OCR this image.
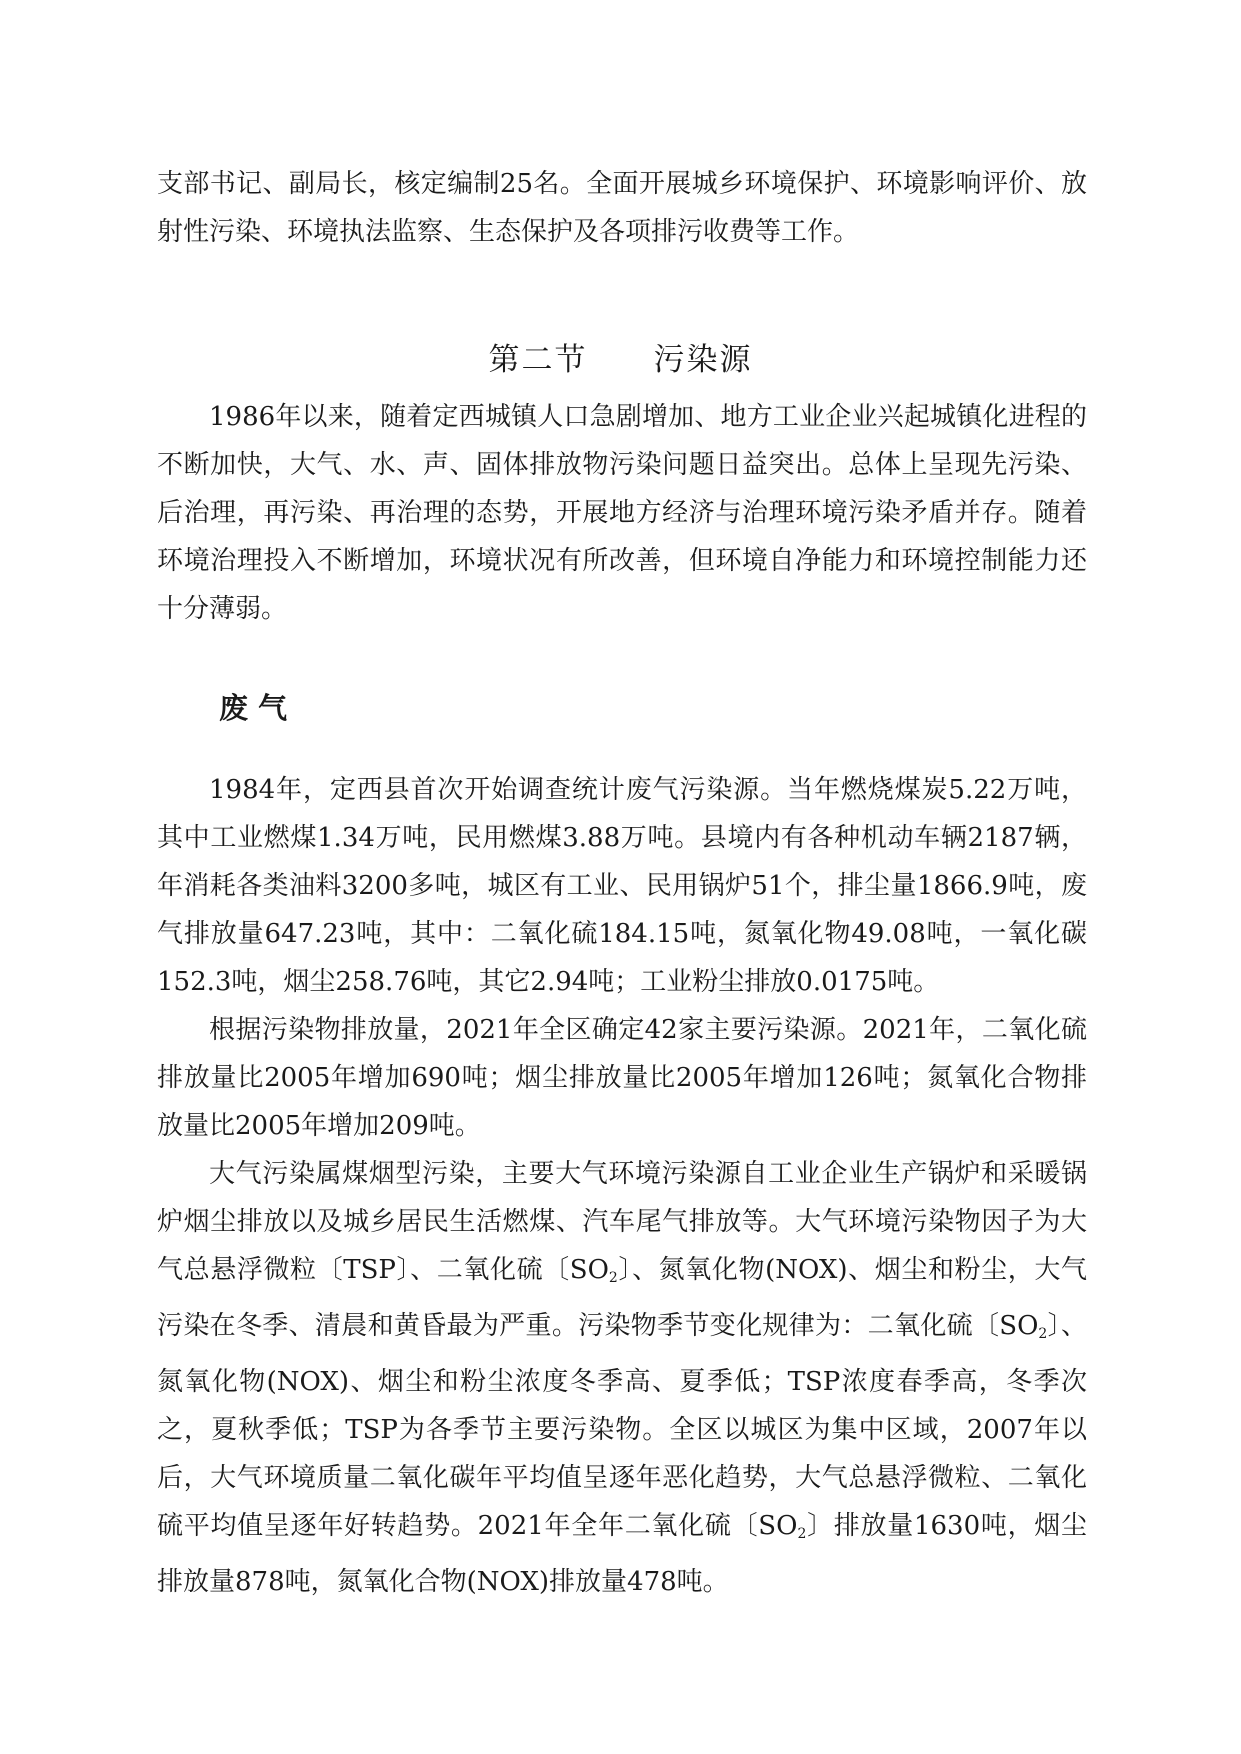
支部书记、副局长，核定编制25名。全面开展城乡环境保护、环境影响评价、放射性污染、环境执法监察、生态保护及各项排污收费等工作。

第二节　　污染源

1986年以来，随着定西城镇人口急剧增加、地方工业企业兴起城镇化进程的不断加快，大气、水、声、固体排放物污染问题日益突出。总体上呈现先污染、后治理，再污染、再治理的态势，开展地方经济与治理环境污染矛盾并存。随着环境治理投入不断增加，环境状况有所改善，但环境自净能力和环境控制能力还十分薄弱。

废 气

1984年，定西县首次开始调查统计废气污染源。当年燃烧煤炭5.22万吨，其中工业燃煤1.34万吨，民用燃煤3.88万吨。县境内有各种机动车辆2187辆，年消耗各类油料3200多吨，城区有工业、民用锅炉51个，排尘量1866.9吨，废气排放量647.23吨，其中：二氧化硫184.15吨，氮氧化物49.08吨，一氧化碳152.3吨，烟尘258.76吨，其它2.94吨；工业粉尘排放0.0175吨。

根据污染物排放量，2021年全区确定42家主要污染源。2021年，二氧化硫排放量比2005年增加690吨；烟尘排放量比2005年增加126吨；氮氧化合物排放量比2005年增加209吨。

大气污染属煤烟型污染，主要大气环境污染源自工业企业生产锅炉和采暖锅炉烟尘排放以及城乡居民生活燃煤、汽车尾气排放等。大气环境污染物因子为大气总悬浮微粒〔TSP〕、二氧化硫〔$SO_2$〕、氮氧化物(NOX)、烟尘和粉尘，大气污染在冬季、清晨和黄昏最为严重。污染物季节变化规律为：二氧化硫〔$SO_2$〕、氮氧化物(NOX)、烟尘和粉尘浓度冬季高、夏季低；TSP浓度春季高，冬季次之，夏秋季低；TSP为各季节主要污染物。全区以城区为集中区域，2007年以后，大气环境质量二氧化碳年平均值呈逐年恶化趋势，大气总悬浮微粒、二氧化硫平均值呈逐年好转趋势。2021年全年二氧化硫〔$SO_2$〕排放量1630吨，烟尘排放量878吨，氮氧化合物(NOX)排放量478吨。
